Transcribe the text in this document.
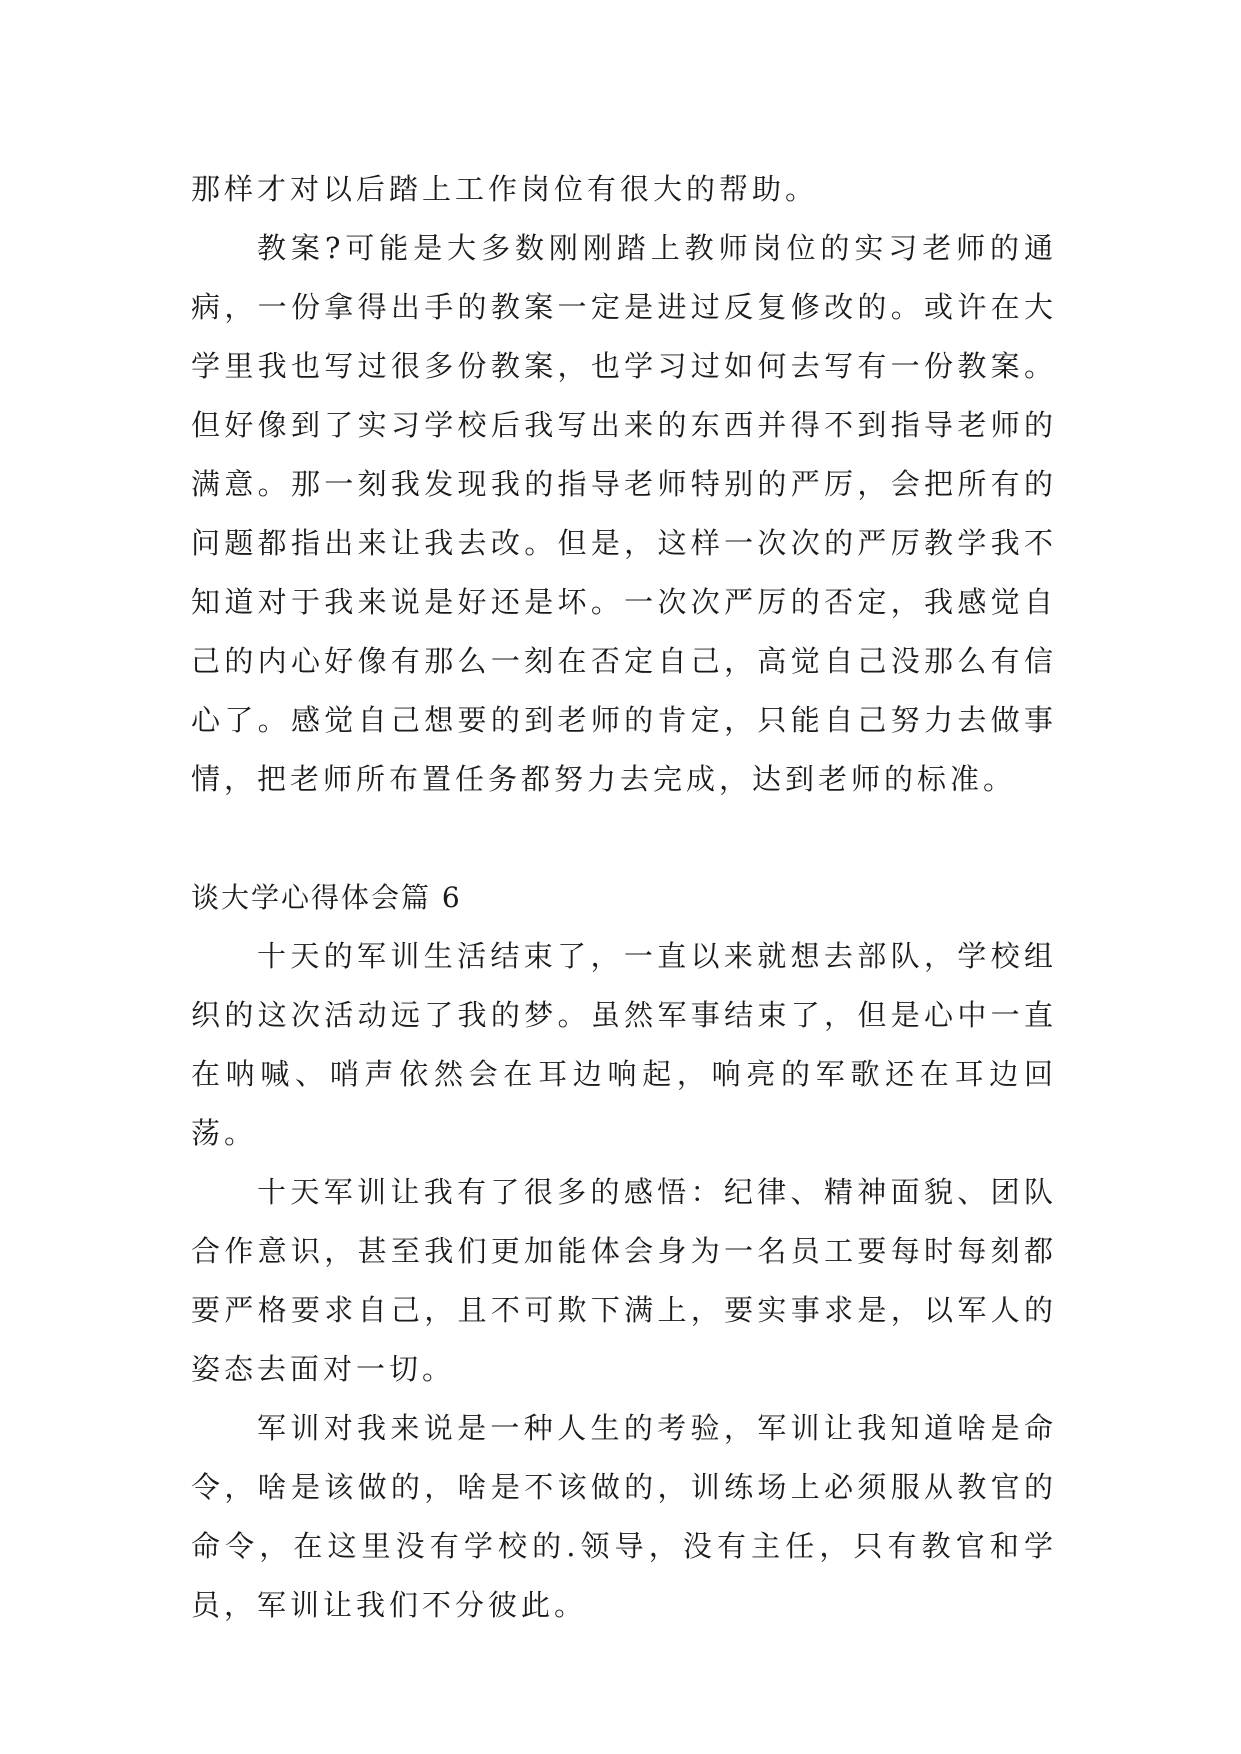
那样才对以后踏上工作岗位有很大的帮助。

教案?可能是大多数刚刚踏上教师岗位的实习老师的通病，一份拿得出手的教案一定是进过反复修改的。或许在大学里我也写过很多份教案，也学习过如何去写有一份教案。但好像到了实习学校后我写出来的东西并得不到指导老师的满意。那一刻我发现我的指导老师特别的严厉，会把所有的问题都指出来让我去改。但是，这样一次次的严厉教学我不知道对于我来说是好还是坏。一次次严厉的否定，我感觉自己的内心好像有那么一刻在否定自己，高觉自己没那么有信心了。感觉自己想要的到老师的肯定，只能自己努力去做事情，把老师所布置任务都努力去完成，达到老师的标准。

谈大学心得体会篇 6

十天的军训生活结束了，一直以来就想去部队，学校组织的这次活动远了我的梦。虽然军事结束了，但是心中一直在呐喊、哨声依然会在耳边响起，响亮的军歌还在耳边回荡。

十天军训让我有了很多的感悟：纪律、精神面貌、团队合作意识，甚至我们更加能体会身为一名员工要每时每刻都要严格要求自己，且不可欺下满上，要实事求是，以军人的姿态去面对一切。

军训对我来说是一种人生的考验，军训让我知道啥是命令，啥是该做的，啥是不该做的，训练场上必须服从教官的命令，在这里没有学校的.领导，没有主任，只有教官和学员，军训让我们不分彼此。
